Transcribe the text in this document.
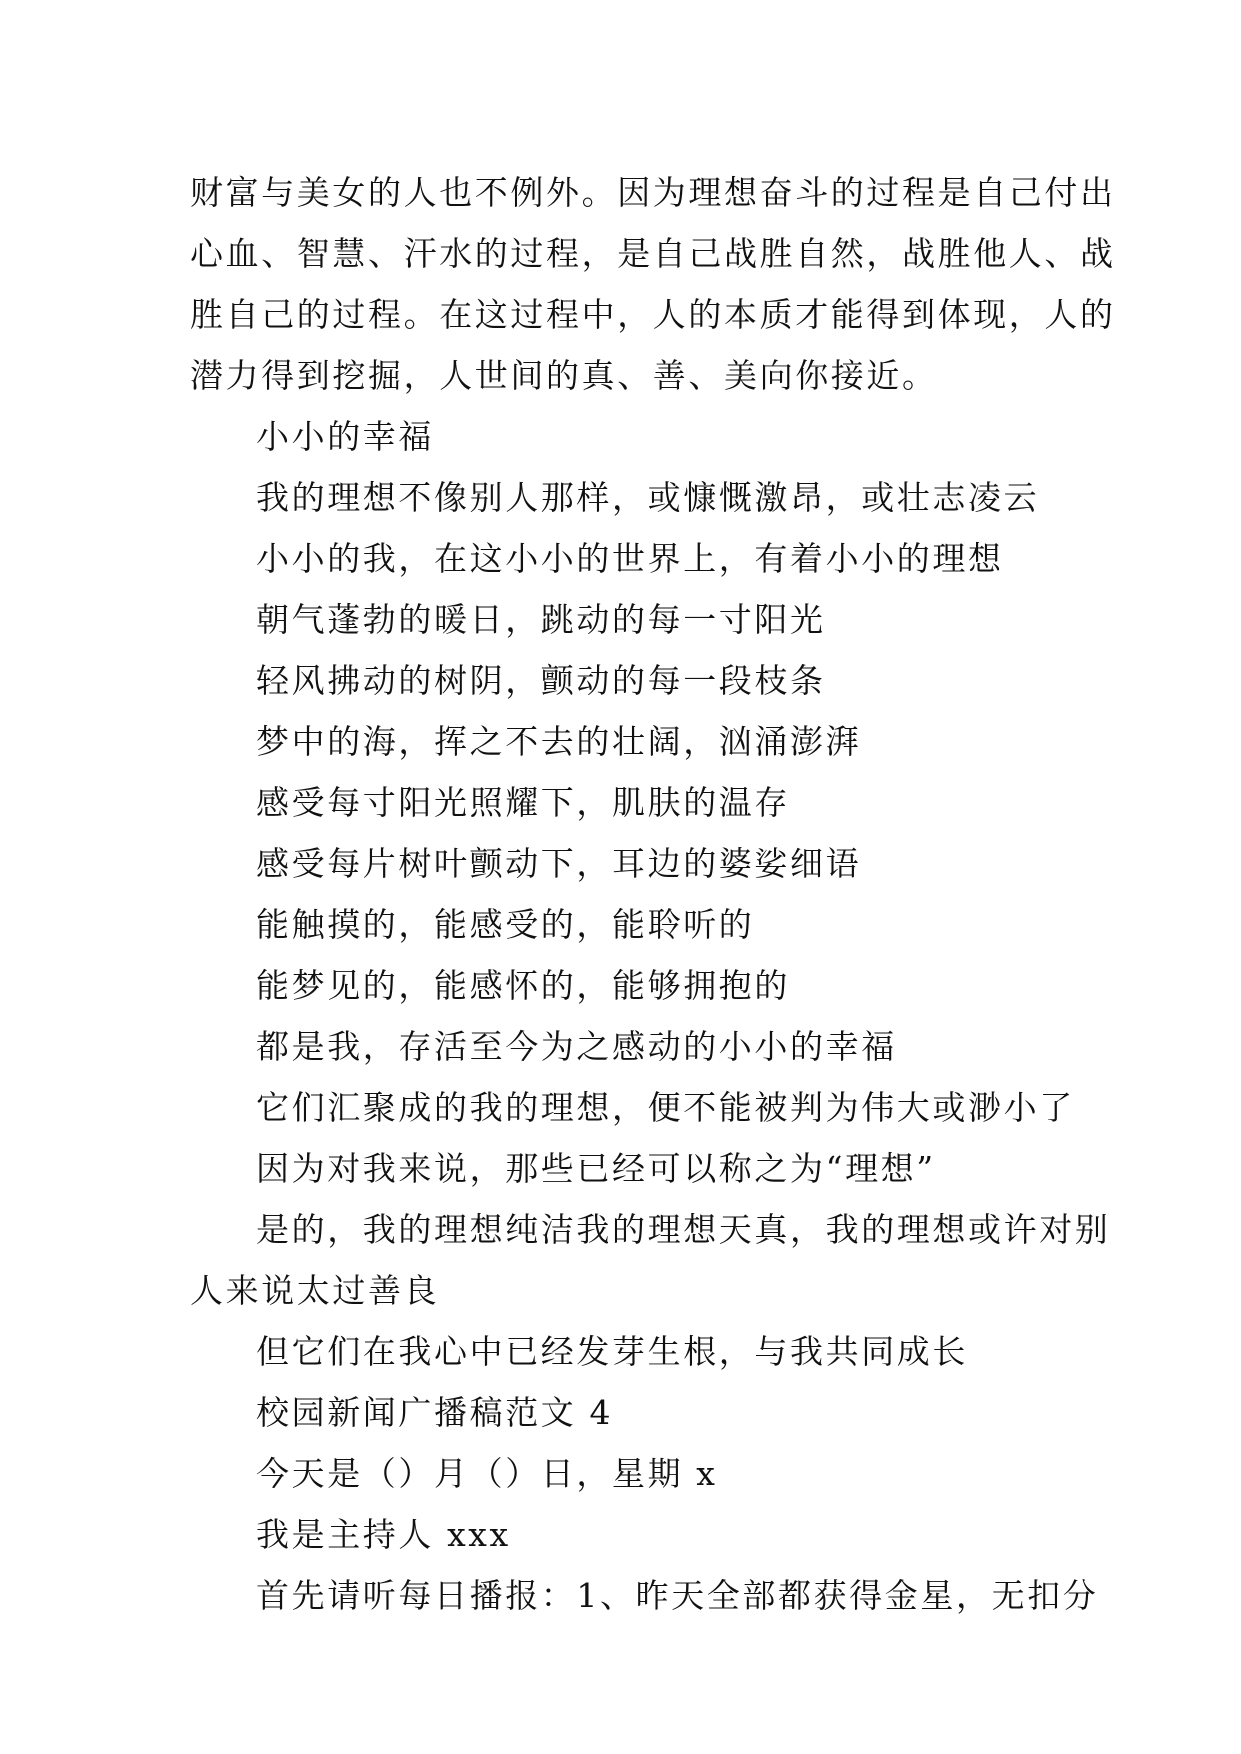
财富与美女的人也不例外。因为理想奋斗的过程是自己付出

心血、智慧、汗水的过程，是自己战胜自然，战胜他人、战

胜自己的过程。在这过程中，人的本质才能得到体现，人的

潜力得到挖掘，人世间的真、善、美向你接近。

小小的幸福

我的理想不像别人那样，或慷慨激昂，或壮志凌云

小小的我，在这小小的世界上，有着小小的理想

朝气蓬勃的暖日，跳动的每一寸阳光

轻风拂动的树阴，颤动的每一段枝条

梦中的海，挥之不去的壮阔，汹涌澎湃

感受每寸阳光照耀下，肌肤的温存

感受每片树叶颤动下，耳边的婆娑细语

能触摸的，能感受的，能聆听的

能梦见的，能感怀的，能够拥抱的

都是我，存活至今为之感动的小小的幸福

它们汇聚成的我的理想，便不能被判为伟大或渺小了

因为对我来说，那些已经可以称之为“理想”

是的，我的理想纯洁我的理想天真，我的理想或许对别

人来说太过善良

但它们在我心中已经发芽生根，与我共同成长

校园新闻广播稿范文 4

今天是（）月（）日，星期 x

我是主持人 xxx

首先请听每日播报：1、昨天全部都获得金星，无扣分
